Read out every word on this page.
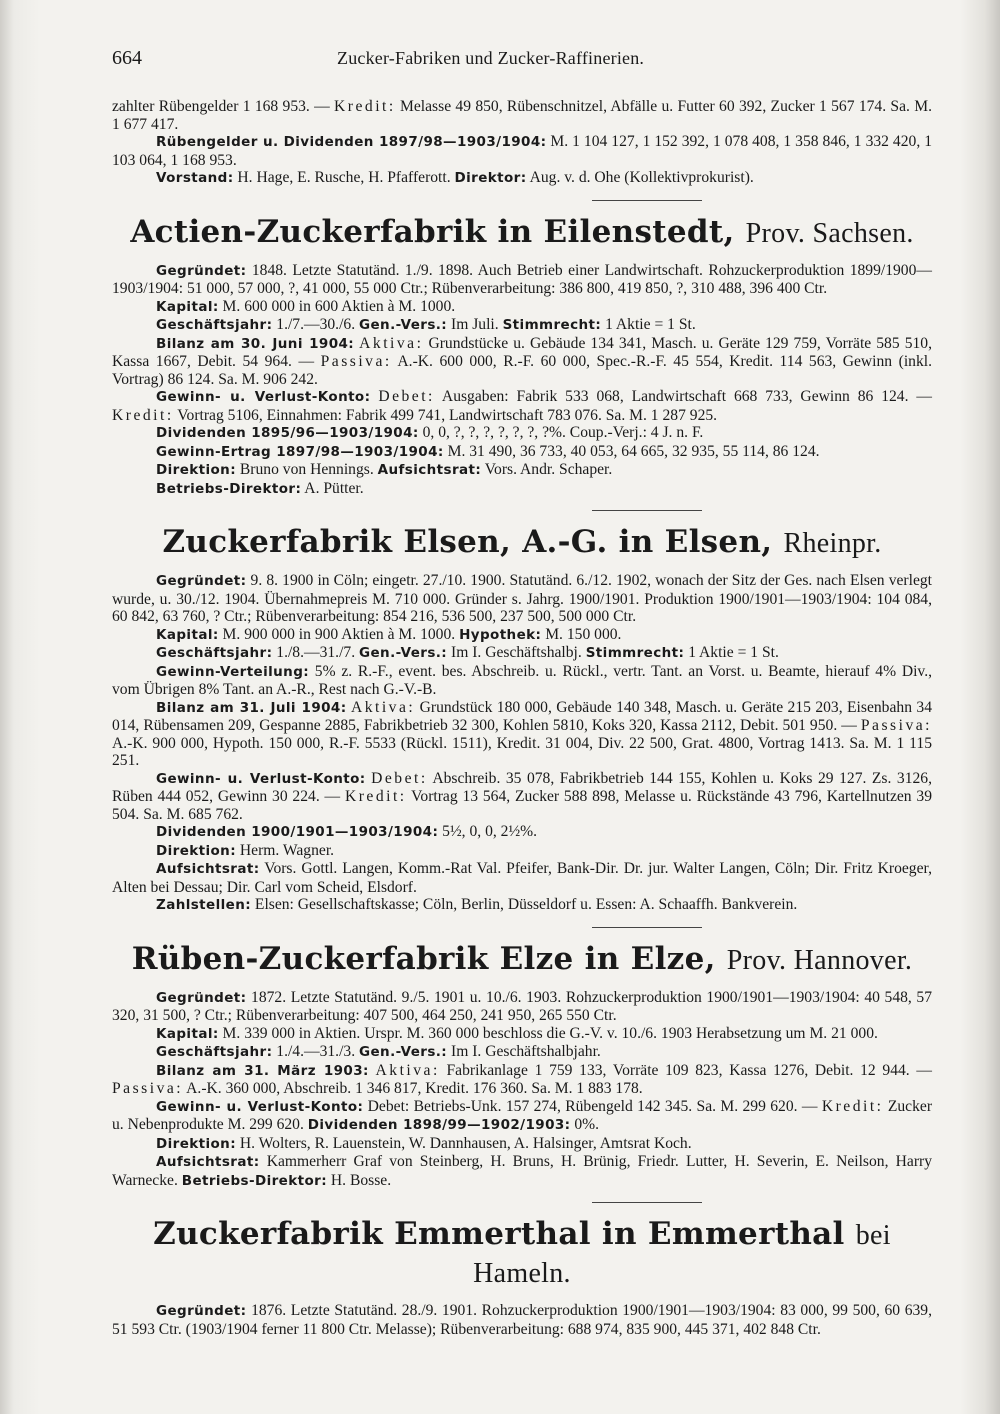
664	Zucker-Fabriken und Zucker-Raffinerien.

zahlter Rübengelder 1 168 953. — Kredit: Melasse 49 850, Rübenschnitzel, Abfälle u. Futter 60 392, Zucker 1 567 174. Sa. M. 1 677 417.

Rübengelder u. Dividenden 1897/98—1903/1904: M. 1 104 127, 1 152 392, 1 078 408, 1 358 846, 1 332 420, 1 103 064, 1 168 953.

Vorstand: H. Hage, E. Rusche, H. Pfafferott. Direktor: Aug. v. d. Ohe (Kollektivprokurist).

Actien-Zuckerfabrik in Eilenstedt, Prov. Sachsen.

Gegründet: 1848. Letzte Statutänd. 1./9. 1898. Auch Betrieb einer Landwirtschaft. Rohzuckerproduktion 1899/1900—1903/1904: 51 000, 57 000, ?, 41 000, 55 000 Ctr.; Rübenverarbeitung: 386 800, 419 850, ?, 310 488, 396 400 Ctr.

Kapital: M. 600 000 in 600 Aktien à M. 1000.

Geschäftsjahr: 1./7.—30./6. Gen.-Vers.: Im Juli. Stimmrecht: 1 Aktie = 1 St.

Bilanz am 30. Juni 1904: Aktiva: Grundstücke u. Gebäude 134 341, Masch. u. Geräte 129 759, Vorräte 585 510, Kassa 1667, Debit. 54 964. — Passiva: A.-K. 600 000, R.-F. 60 000, Spec.-R.-F. 45 554, Kredit. 114 563, Gewinn (inkl. Vortrag) 86 124. Sa. M. 906 242.

Gewinn- u. Verlust-Konto: Debet: Ausgaben: Fabrik 533 068, Landwirtschaft 668 733, Gewinn 86 124. — Kredit: Vortrag 5106, Einnahmen: Fabrik 499 741, Landwirtschaft 783 076. Sa. M. 1 287 925.

Dividenden 1895/96—1903/1904: 0, 0, ?, ?, ?, ?, ?, ?, ?%. Coup.-Verj.: 4 J. n. F.

Gewinn-Ertrag 1897/98—1903/1904: M. 31 490, 36 733, 40 053, 64 665, 32 935, 55 114, 86 124.

Direktion: Bruno von Hennings. Aufsichtsrat: Vors. Andr. Schaper.

Betriebs-Direktor: A. Pütter.

Zuckerfabrik Elsen, A.-G. in Elsen, Rheinpr.

Gegründet: 9. 8. 1900 in Cöln; eingetr. 27./10. 1900. Statutänd. 6./12. 1902, wonach der Sitz der Ges. nach Elsen verlegt wurde, u. 30./12. 1904. Übernahmepreis M. 710 000. Gründer s. Jahrg. 1900/1901. Produktion 1900/1901—1903/1904: 104 084, 60 842, 63 760, ? Ctr.; Rübenverarbeitung: 854 216, 536 500, 237 500, 500 000 Ctr.

Kapital: M. 900 000 in 900 Aktien à M. 1000. Hypothek: M. 150 000.

Geschäftsjahr: 1./8.—31./7. Gen.-Vers.: Im I. Geschäftshalbj. Stimmrecht: 1 Aktie = 1 St.

Gewinn-Verteilung: 5% z. R.-F., event. bes. Abschreib. u. Rückl., vertr. Tant. an Vorst. u. Beamte, hierauf 4% Div., vom Übrigen 8% Tant. an A.-R., Rest nach G.-V.-B.

Bilanz am 31. Juli 1904: Aktiva: Grundstück 180 000, Gebäude 140 348, Masch. u. Geräte 215 203, Eisenbahn 34 014, Rübensamen 209, Gespanne 2885, Fabrikbetrieb 32 300, Kohlen 5810, Koks 320, Kassa 2112, Debit. 501 950. — Passiva: A.-K. 900 000, Hypoth. 150 000, R.-F. 5533 (Rückl. 1511), Kredit. 31 004, Div. 22 500, Grat. 4800, Vortrag 1413. Sa. M. 1 115 251.

Gewinn- u. Verlust-Konto: Debet: Abschreib. 35 078, Fabrikbetrieb 144 155, Kohlen u. Koks 29 127. Zs. 3126, Rüben 444 052, Gewinn 30 224. — Kredit: Vortrag 13 564, Zucker 588 898, Melasse u. Rückstände 43 796, Kartellnutzen 39 504. Sa. M. 685 762.

Dividenden 1900/1901—1903/1904: 5½, 0, 0, 2½%.

Direktion: Herm. Wagner.

Aufsichtsrat: Vors. Gottl. Langen, Komm.-Rat Val. Pfeifer, Bank-Dir. Dr. jur. Walter Langen, Cöln; Dir. Fritz Kroeger, Alten bei Dessau; Dir. Carl vom Scheid, Elsdorf.

Zahlstellen: Elsen: Gesellschaftskasse; Cöln, Berlin, Düsseldorf u. Essen: A. Schaaffh. Bankverein.

Rüben-Zuckerfabrik Elze in Elze, Prov. Hannover.

Gegründet: 1872. Letzte Statutänd. 9./5. 1901 u. 10./6. 1903. Rohzuckerproduktion 1900/1901—1903/1904: 40 548, 57 320, 31 500, ? Ctr.; Rübenverarbeitung: 407 500, 464 250, 241 950, 265 550 Ctr.

Kapital: M. 339 000 in Aktien. Urspr. M. 360 000 beschloss die G.-V. v. 10./6. 1903 Herabsetzung um M. 21 000.

Geschäftsjahr: 1./4.—31./3. Gen.-Vers.: Im I. Geschäftshalbjahr.

Bilanz am 31. März 1903: Aktiva: Fabrikanlage 1 759 133, Vorräte 109 823, Kassa 1276, Debit. 12 944. — Passiva: A.-K. 360 000, Abschreib. 1 346 817, Kredit. 176 360. Sa. M. 1 883 178.

Gewinn- u. Verlust-Konto: Debet: Betriebs-Unk. 157 274, Rübengeld 142 345. Sa. M. 299 620. — Kredit: Zucker u. Nebenprodukte M. 299 620. Dividenden 1898/99—1902/1903: 0%.

Direktion: H. Wolters, R. Lauenstein, W. Dannhausen, A. Halsinger, Amtsrat Koch.

Aufsichtsrat: Kammerherr Graf von Steinberg, H. Bruns, H. Brünig, Friedr. Lutter, H. Severin, E. Neilson, Harry Warnecke. Betriebs-Direktor: H. Bosse.

Zuckerfabrik Emmerthal in Emmerthal bei Hameln.

Gegründet: 1876. Letzte Statutänd. 28./9. 1901. Rohzuckerproduktion 1900/1901—1903/1904: 83 000, 99 500, 60 639, 51 593 Ctr. (1903/1904 ferner 11 800 Ctr. Melasse); Rübenverarbeitung: 688 974, 835 900, 445 371, 402 848 Ctr.
